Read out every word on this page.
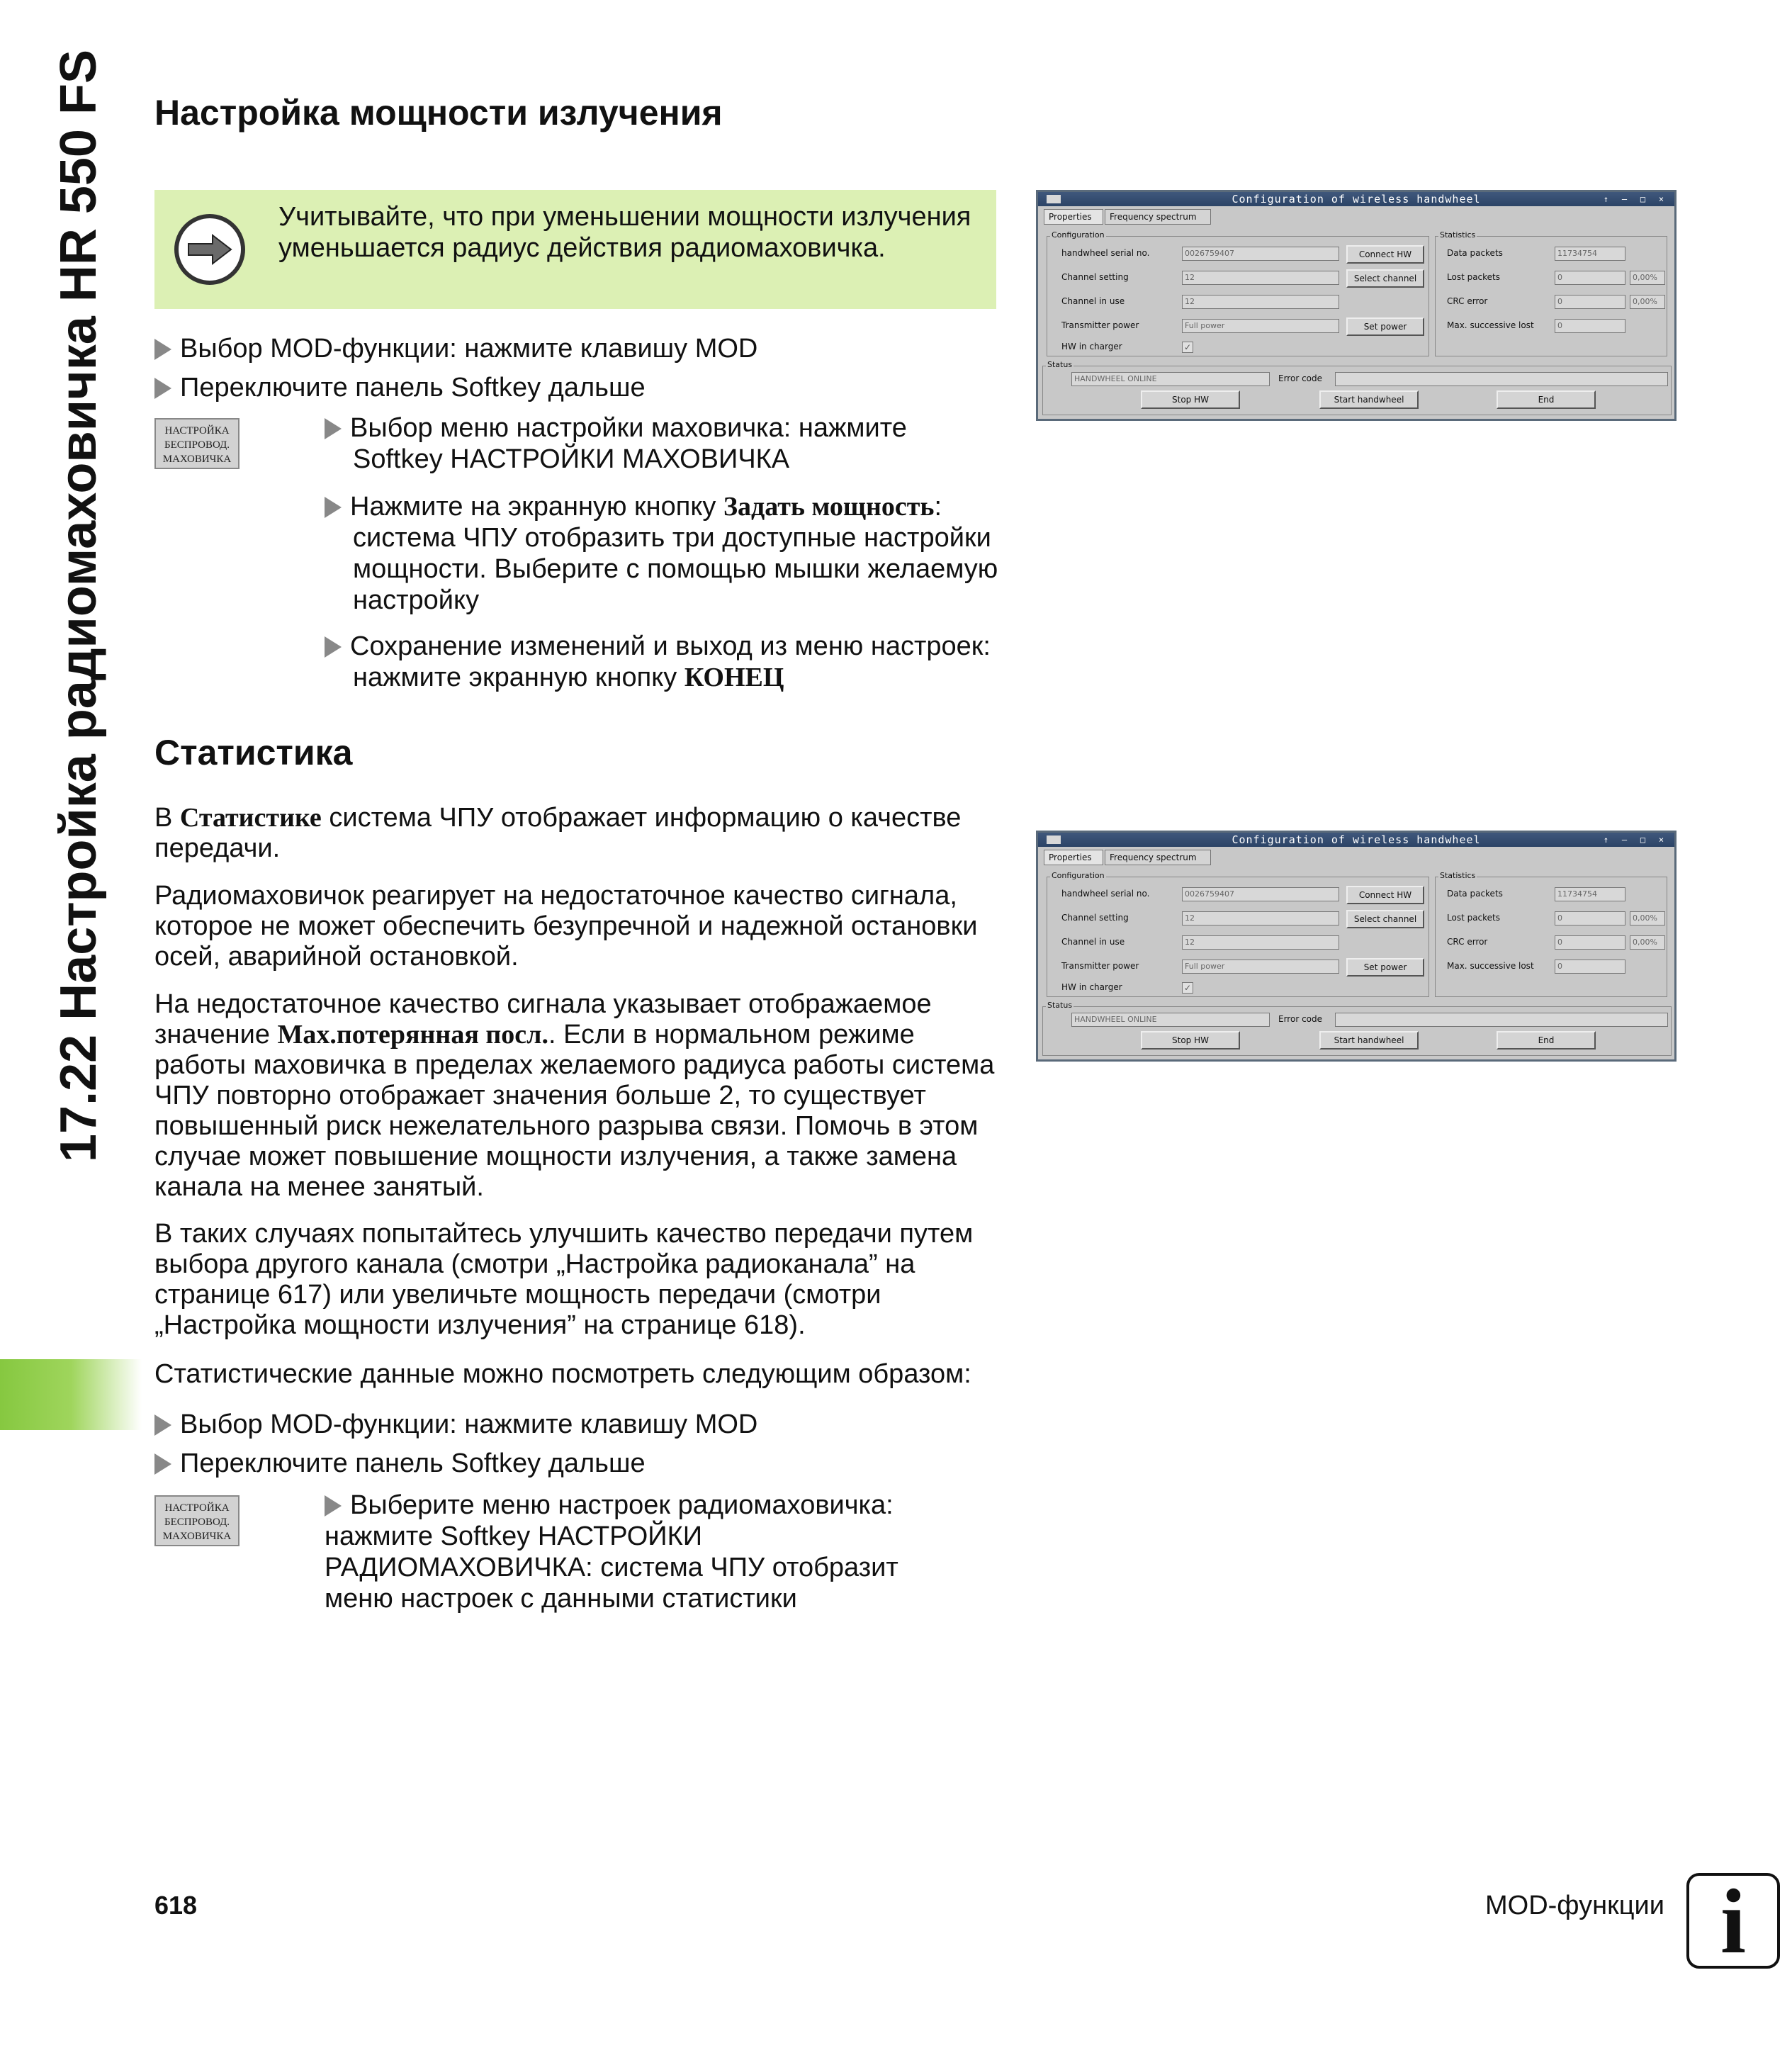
17.22 Настройка радиомаховичка HR 550 FS Настройка мощности излучения
Учитывайте, что при уменьшении мощности излучения уменьшается радиус действия радиомаховичка.
Выбор MOD-функции: нажмите клавишу MOD
Переключите панель Softkey дальше
НАСТРОЙКА
БЕСПРОВОД.
МАХОВИЧКА
Выбор меню настройки маховичка: нажмите
Softkey НАСТРОЙКИ МАХОВИЧКА
Нажмите на экранную кнопку Задать мощность:
система ЧПУ отобразить три доступные настройки мощности. Выберите с помощью мышки желаемую настройку
Сохранение изменений и выход из меню настроек:
нажмите экранную кнопку КОНЕЦ
Статистика
В Статистике система ЧПУ отображает информацию о качестве передачи.
Радиомаховичок реагирует на недостаточное качество сигнала, которое не может обеспечить безупречной и надежной остановки осей, аварийной остановкой.
На недостаточное качество сигнала указывает отображаемое значение Max.потерянная посл.. Если в нормальном режиме работы маховичка в пределах желаемого радиуса работы система ЧПУ повторно отображает значения больше 2, то существует повышенный риск нежелательного разрыва связи. Помочь в этом случае может повышение мощности излучения, а также замена канала на менее занятый.
В таких случаях попытайтесь улучшить качество передачи путем выбора другого канала (смотри „Настройка радиоканала” на странице 617) или увеличьте мощность передачи (смотри „Настройка мощности излучения” на странице 618).
Статистические данные можно посмотреть следующим образом:
Выбор MOD-функции: нажмите клавишу MOD
Переключите панель Softkey дальше
НАСТРОЙКА
БЕСПРОВОД.
МАХОВИЧКА
Выберите меню настроек радиомаховичка: нажмите Softkey НАСТРОЙКИ РАДИОМАХОВИЧКА: система ЧПУ отобразит меню настроек с данными статистики
Configuration of wireless handwheel	↑	–	□	×
Properties	Frequency spectrum
Configuration
handwheel serial no.	0026759407	Connect HW
Channel setting	12	Select channel
Channel in use	12
Transmitter power	Full power	Set power
HW in charger	✓
Statistics
Data packets	11734754
Lost packets	0	0,00%
CRC error	0	0,00%
Max. successive lost	0
Status
HANDWHEEL ONLINE	Error code
Stop HW	Start handwheel	End
Configuration of wireless handwheel	↑	–	□	×
Properties	Frequency spectrum
Configuration
handwheel serial no.	0026759407	Connect HW
Channel setting	12	Select channel
Channel in use	12
Transmitter power	Full power	Set power
HW in charger	✓
Statistics
Data packets	11734754
Lost packets	0	0,00%
CRC error	0	0,00%
Max. successive lost	0
Status
HANDWHEEL ONLINE	Error code
Stop HW	Start handwheel	End
618	MOD-функции i
